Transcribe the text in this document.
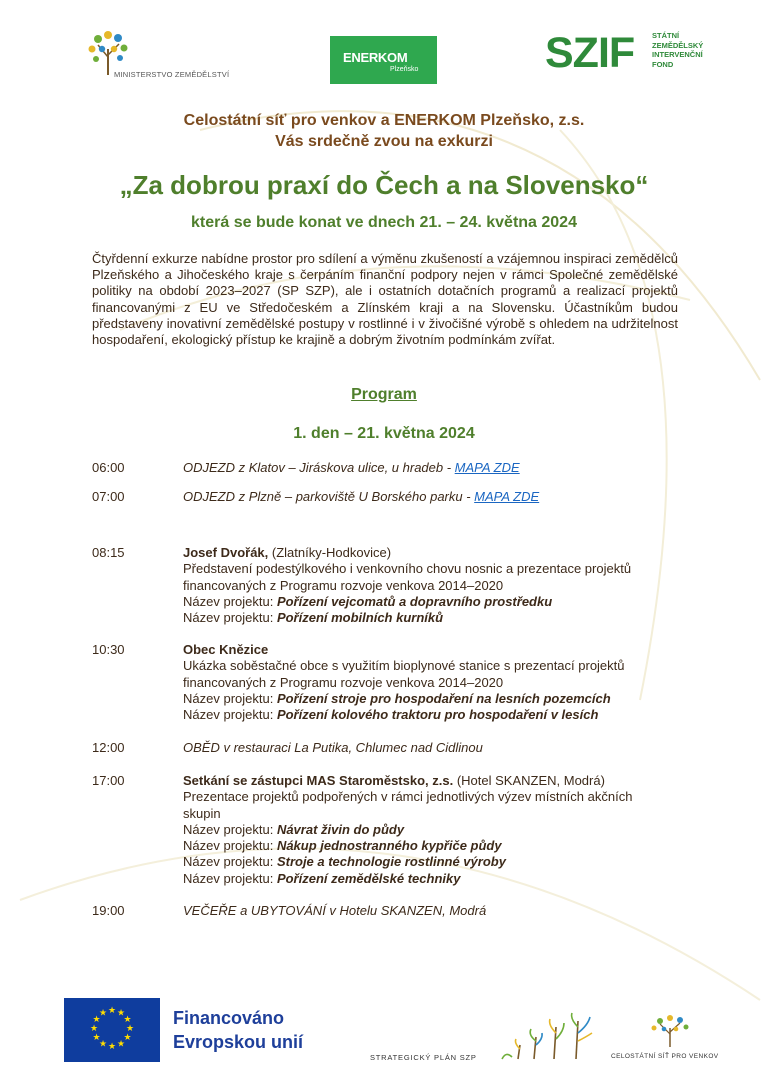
MINISTERSTVO ZEMĚDĚLSTVÍ
ENERKOM
Plzeňsko	SZIF STÁTNÍ
ZEMĚDĚLSKÝ
INTERVENČNÍ
FOND
Celostátní síť pro venkov a ENERKOM Plzeňsko, z.s.
Vás srdečně zvou na exkurzi
„Za dobrou praxí do Čech a na Slovensko“
která se bude konat ve dnech 21. – 24. května 2024

Čtyřdenní exkurze nabídne prostor pro sdílení a výměnu zkušeností a vzájemnou inspiraci zemědělců Plzeňského a Jihočeského kraje s čerpáním finanční podpory nejen v rámci Společné zemědělské politiky na období 2023–2027 (SP SZP), ale i ostatních dotačních programů a realizací projektů financovanými z EU ve Středočeském a Zlínském kraji a na Slovensku. Účastníkům budou představeny inovativní zemědělské postupy v rostlinné i v živočišné výrobě s ohledem na udržitelnost hospodaření, ekologický přístup ke krajině a dobrým životním podmínkám zvířat.

Program
1. den – 21. května 2024
06:00	ODJEZD z Klatov – Jiráskova ulice, u hradeb - MAPA ZDE
07:00	ODJEZD z Plzně – parkoviště U Borského parku - MAPA ZDE
08:15	Josef Dvořák, (Zlatníky-Hodkovice)
Představení podestýlkového i venkovního chovu nosnic a prezentace projektů
financovaných z Programu rozvoje venkova 2014–2020
Název projektu: Pořízení vejcomatů a dopravního prostředku
Název projektu: Pořízení mobilních kurníků
10:30	Obec Knězice
Ukázka soběstačné obce s využitím bioplynové stanice s prezentací projektů
financovaných z Programu rozvoje venkova 2014–2020
Název projektu: Pořízení stroje pro hospodaření na lesních pozemcích
Název projektu: Pořízení kolového traktoru pro hospodaření v lesích
12:00	OBĚD v restauraci La Putika, Chlumec nad Cidlinou
17:00	Setkání se zástupci MAS Staroměstsko, z.s. (Hotel SKANZEN, Modrá)
Prezentace projektů podpořených v rámci jednotlivých výzev místních akčních
skupin
Název projektu: Návrat živin do půdy
Název projektu: Nákup jednostranného kypřiče půdy
Název projektu: Stroje a technologie rostlinné výroby
Název projektu: Pořízení zemědělské techniky
19:00	VEČEŘE a UBYTOVÁNÍ v Hotelu SKANZEN, Modrá
★ ★
★
★
★
★
★
★
★
★
★
★	Financováno
Evropskou unií
STRATEGICKÝ PLÁN SZP	CELOSTÁTNÍ SÍŤ PRO VENKOV
